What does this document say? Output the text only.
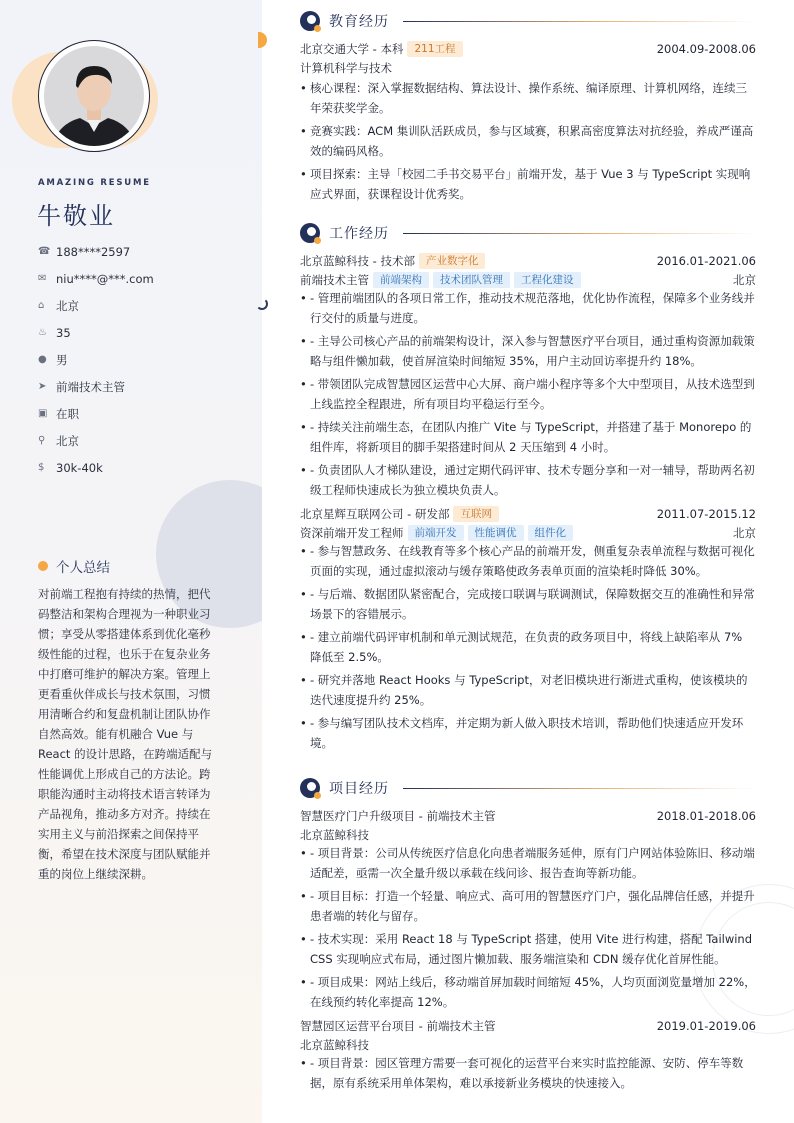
AMAZING RESUME
牛敬业
☎ 188****2597
✉ niu****@***.com
⌂	北京
♨ 35
● 男
➤ 前端技术主管
▣ 在职
⚲ 北京
$	30k-40k
个人总结
对前端工程抱有持续的热情，把代码整洁和架构合理视为一种职业习惯；享受从零搭建体系到优化毫秒级性能的过程，也乐于在复杂业务中打磨可维护的解决方案。管理上更看重伙伴成长与技术氛围，习惯用清晰合约和复盘机制让团队协作自然高效。能有机融合 Vue 与 React 的设计思路，在跨端适配与性能调优上形成自己的方法论。跨职能沟通时主动将技术语言转译为产品视角，推动多方对齐。持续在实用主义与前沿探索之间保持平衡，希望在技术深度与团队赋能并重的岗位上继续深耕。
教育经历
北京交通大学 - 本科	211工程	2004.09-2008.06
计算机科学与技术
• 核心课程：深入掌握数据结构、算法设计、操作系统、编译原理、计算机网络，连续三年荣获奖学金。
• 竞赛实践：ACM 集训队活跃成员，参与区域赛，积累高密度算法对抗经验，养成严谨高效的编码风格。
• 项目探索：主导「校园二手书交易平台」前端开发，基于 Vue 3 与 TypeScript 实现响应式界面，获课程设计优秀奖。
工作经历
北京蓝鲸科技 - 技术部	产业数字化	2016.01-2021.06
前端技术主管	前端架构	技术团队管理	工程化建设	北京
• - 管理前端团队的各项日常工作，推动技术规范落地，优化协作流程，保障多个业务线并行交付的质量与进度。
• - 主导公司核心产品的前端架构设计，深入参与智慧医疗平台项目，通过重构资源加载策略与组件懒加载，使首屏渲染时间缩短 35%，用户主动回访率提升约 18%。
• - 带领团队完成智慧园区运营中心大屏、商户端小程序等多个大中型项目，从技术选型到上线监控全程跟进，所有项目均平稳运行至今。
• - 持续关注前端生态，在团队内推广 Vite 与 TypeScript，并搭建了基于 Monorepo 的组件库，将新项目的脚手架搭建时间从 2 天压缩到 4 小时。
• - 负责团队人才梯队建设，通过定期代码评审、技术专题分享和一对一辅导，帮助两名初级工程师快速成长为独立模块负责人。
北京星辉互联网公司 - 研发部	互联网	2011.07-2015.12
资深前端开发工程师	前端开发	性能调优	组件化	北京
• - 参与智慧政务、在线教育等多个核心产品的前端开发，侧重复杂表单流程与数据可视化页面的实现，通过虚拟滚动与缓存策略使政务表单页面的渲染耗时降低 30%。
• - 与后端、数据团队紧密配合，完成接口联调与联调测试，保障数据交互的准确性和异常场景下的容错展示。
• - 建立前端代码评审机制和单元测试规范，在负责的政务项目中，将线上缺陷率从 7% 降低至 2.5%。
• - 研究并落地 React Hooks 与 TypeScript，对老旧模块进行渐进式重构，使该模块的迭代速度提升约 25%。
• - 参与编写团队技术文档库，并定期为新人做入职技术培训，帮助他们快速适应开发环境。
项目经历
智慧医疗门户升级项目 - 前端技术主管	2018.01-2018.06
北京蓝鲸科技
• - 项目背景：公司从传统医疗信息化向患者端服务延伸，原有门户网站体验陈旧、移动端适配差，亟需一次全量升级以承载在线问诊、报告查询等新功能。
• - 项目目标：打造一个轻量、响应式、高可用的智慧医疗门户，强化品牌信任感，并提升患者端的转化与留存。
• - 技术实现：采用 React 18 与 TypeScript 搭建，使用 Vite 进行构建，搭配 Tailwind CSS 实现响应式布局，通过图片懒加载、服务端渲染和 CDN 缓存优化首屏性能。
• - 项目成果：网站上线后，移动端首屏加载时间缩短 45%，人均页面浏览量增加 22%，在线预约转化率提高 12%。
智慧园区运营平台项目 - 前端技术主管	2019.01-2019.06
北京蓝鲸科技
• - 项目背景：园区管理方需要一套可视化的运营平台来实时监控能源、安防、停车等数据，原有系统采用单体架构，难以承接新业务模块的快速接入。
